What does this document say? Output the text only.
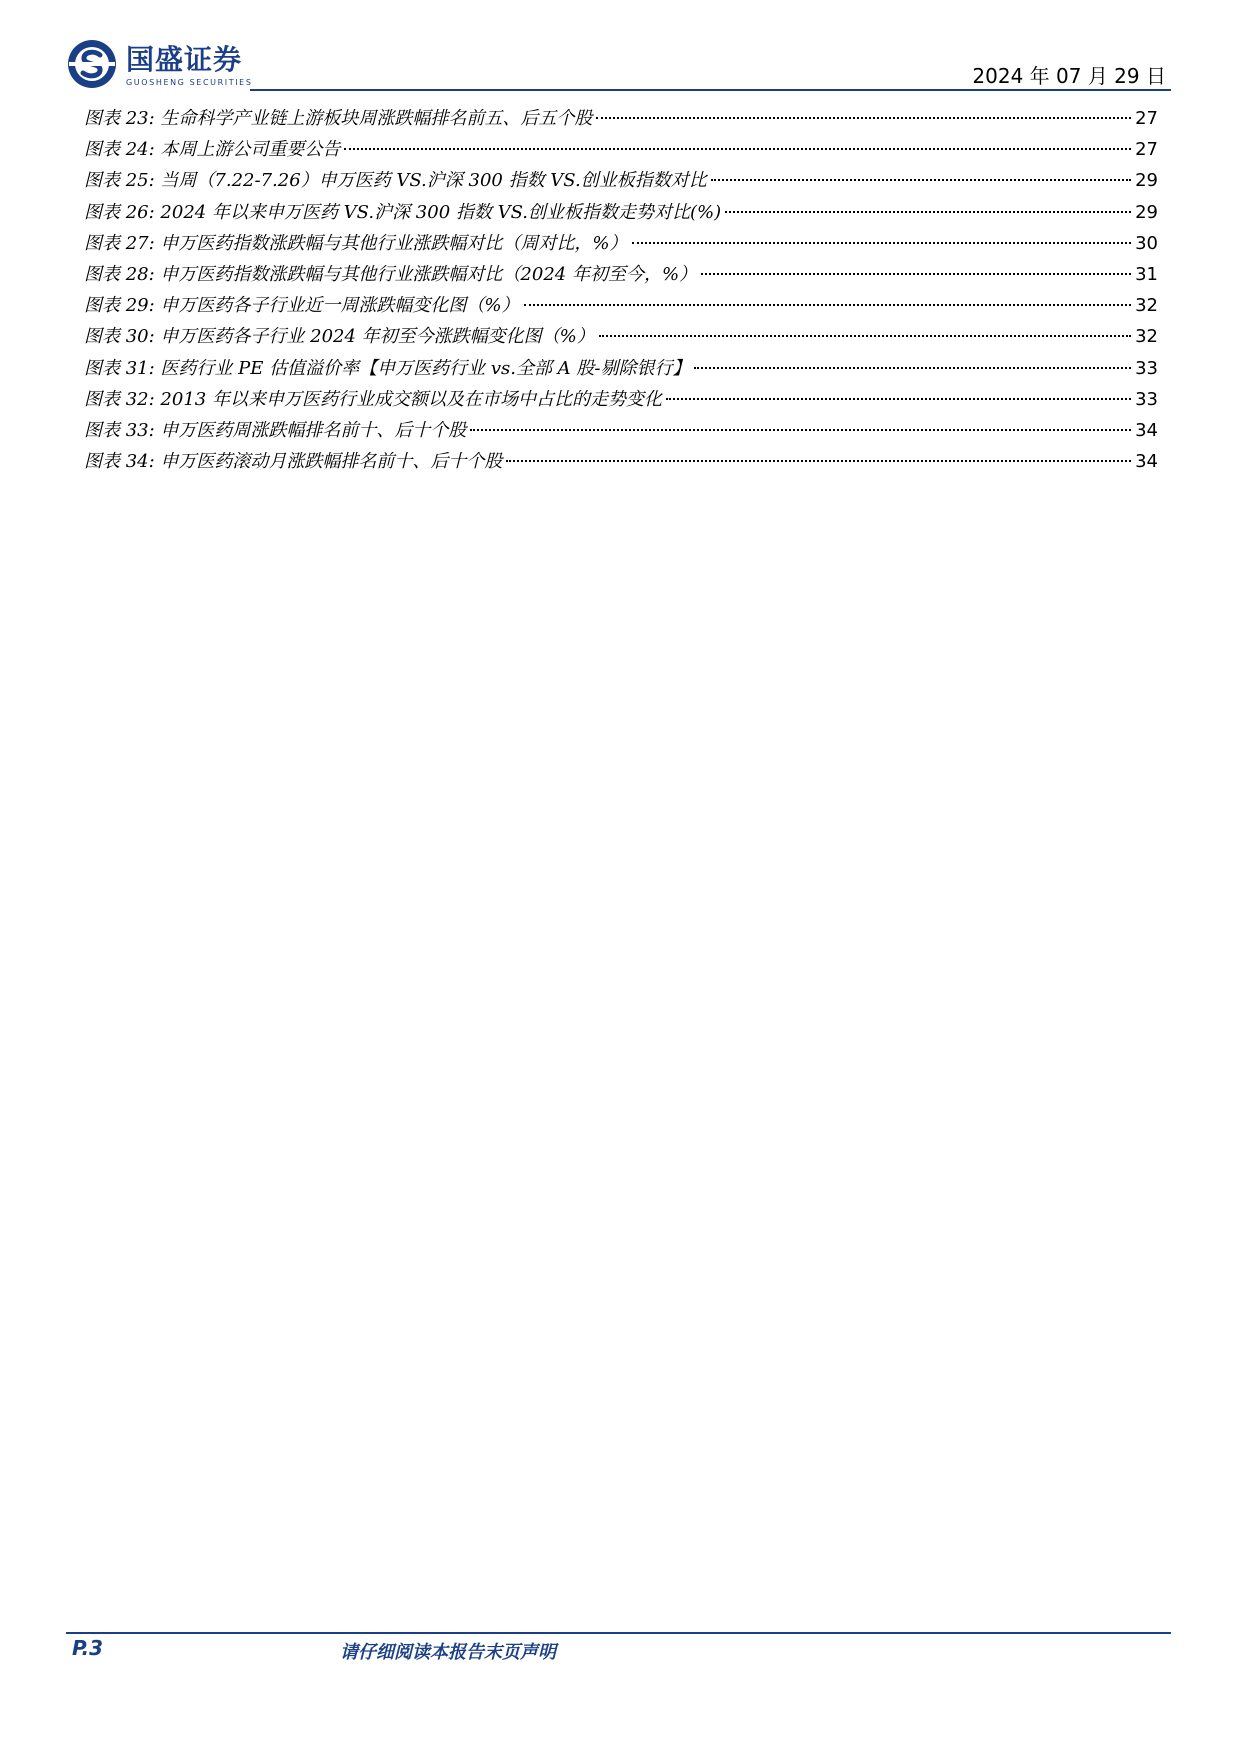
国盛证券
GUOSHENG SECURITIES	2024 年 07 月 29 日
图表 23: 生命科学产业链上游板块周涨跌幅排名前五、后五个股	27
图表 24: 本周上游公司重要公告	27
图表 25: 当周（7.22-7.26）申万医药 VS.沪深 300 指数 VS.创业板指数对比	29
图表 26: 2024 年以来申万医药 VS.沪深 300 指数 VS.创业板指数走势对比(%)	29
图表 27: 申万医药指数涨跌幅与其他行业涨跌幅对比（周对比，%）	30
图表 28: 申万医药指数涨跌幅与其他行业涨跌幅对比（2024 年初至今，%）	31
图表 29: 申万医药各子行业近一周涨跌幅变化图（%）	32
图表 30: 申万医药各子行业 2024 年初至今涨跌幅变化图（%）	32
图表 31: 医药行业 PE 估值溢价率【申万医药行业 vs.全部 A 股-剔除银行】	33
图表 32: 2013 年以来申万医药行业成交额以及在市场中占比的走势变化	33
图表 33: 申万医药周涨跌幅排名前十、后十个股	34
图表 34: 申万医药滚动月涨跌幅排名前十、后十个股	34
P.3	请仔细阅读本报告末页声明
